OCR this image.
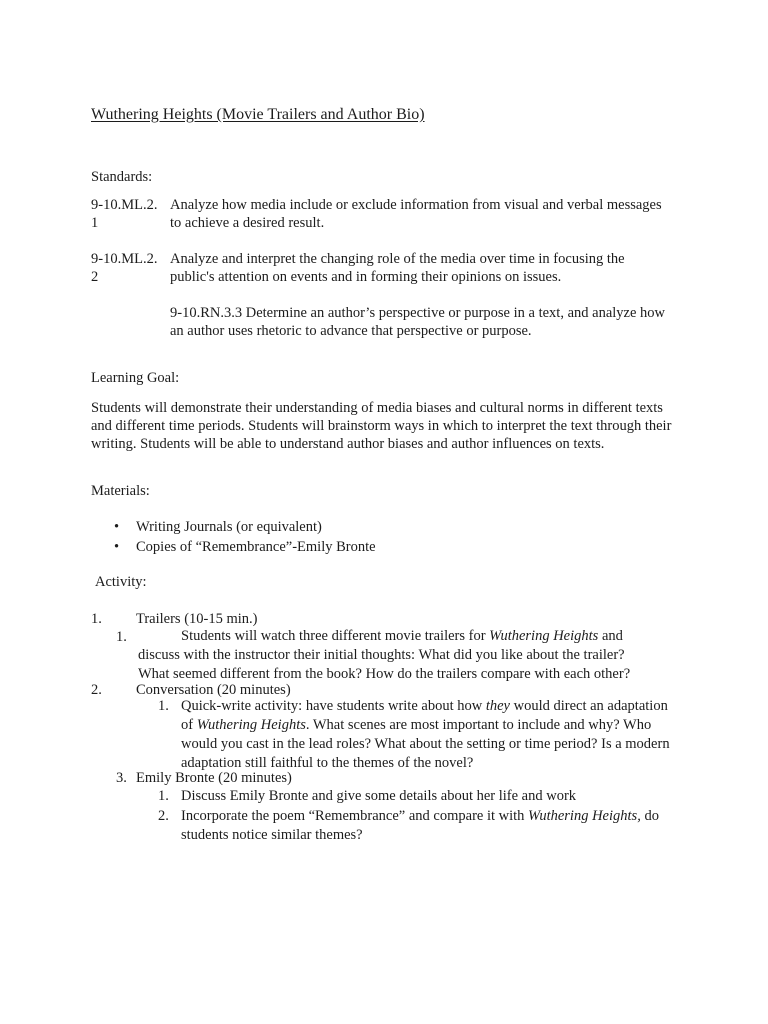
Wuthering Heights (Movie Trailers and Author Bio)
Standards:
9-10.ML.2.1
Analyze how media include or exclude information from visual and verbal messages to achieve a desired result.
9-10.ML.2.2
Analyze and interpret the changing role of the media over time in focusing the public's attention on events and in forming their opinions on issues.
9-10.RN.3.3 Determine an author’s perspective or purpose in a text, and analyze how an author uses rhetoric to advance that perspective or purpose.
Learning Goal:
Students will demonstrate their understanding of media biases and cultural norms in different texts and different time periods. Students will brainstorm ways in which to interpret the text through their writing. Students will be able to understand author biases and author influences on texts.
Materials:
• Writing Journals (or equivalent)
• Copies of “Remembrance”-Emily Bronte
Activity:
1. Trailers (10-15 min.)
1.	Students will watch three different movie trailers for Wuthering Heights and discuss with the instructor their initial thoughts: What did you like about the trailer? What seemed different from the book? How do the trailers compare with each other?
2. Conversation (20 minutes)
1. Quick-write activity: have students write about how they would direct an adaptation of Wuthering Heights. What scenes are most important to include and why? Who would you cast in the lead roles? What about the setting or time period? Is a modern adaptation still faithful to the themes of the novel?
3. Emily Bronte (20 minutes)
1. Discuss Emily Bronte and give some details about her life and work
2. Incorporate the poem “Remembrance” and compare it with Wuthering Heights, do students notice similar themes?
